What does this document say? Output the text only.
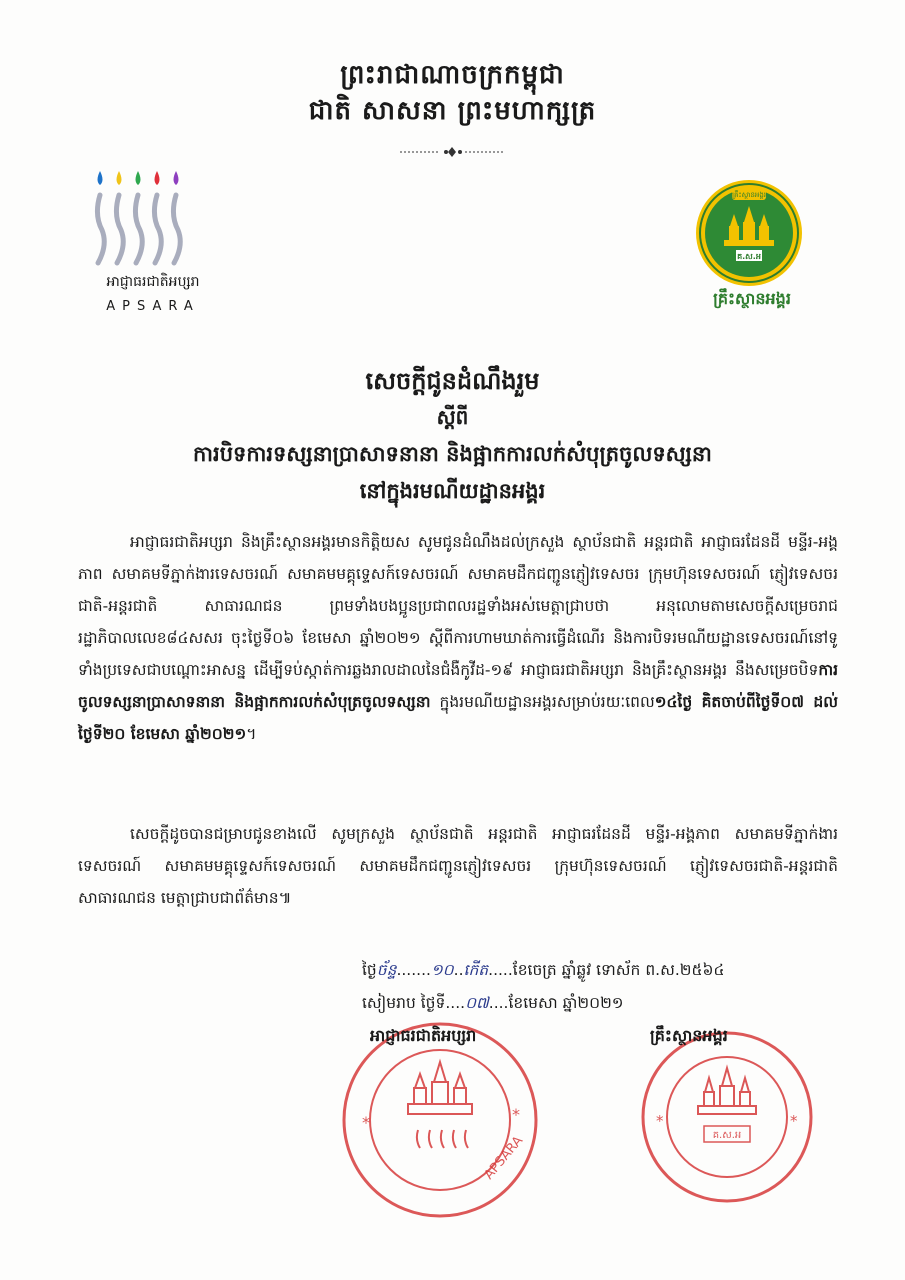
ព្រះរាជាណាចក្រកម្ពុជា
ជាតិ សាសនា ព្រះមហាក្សត្រ
អាជ្ញាធរជាតិអប្សរា
APSARA
គ្រឹះស្ថានអង្គរ
គ.ស.អ
គ្រឹះស្ថានអង្គរ
សេចក្តីជូនដំណឹងរួម
ស្តីពី
ការបិទការទស្សនាប្រាសាទនានា និងផ្អាកការលក់សំបុត្រចូលទស្សនា
នៅក្នុងរមណីយដ្ឋានអង្គរ
អាជ្ញាធរជាតិអប្សរា និងគ្រឹះស្ថានអង្គរមានកិត្តិយស សូមជូនដំណឹងដល់ក្រសួង ស្ថាប័នជាតិ អន្តរជាតិ អាជ្ញាធរដែនដី មន្ទីរ-អង្គភាព សមាគមទីភ្នាក់ងារទេសចរណ៍ សមាគមមគ្គុទ្ទេសក៍ទេសចរណ៍ សមាគមដឹកជញ្ជូនភ្ញៀវទេសចរ ក្រុមហ៊ុនទេសចរណ៍ ភ្ញៀវទេសចរជាតិ-អន្តរជាតិ សាធារណជន ព្រមទាំងបងប្អូនប្រជាពលរដ្ឋទាំងអស់មេត្តាជ្រាបថា អនុលោមតាមសេចក្តីសម្រេចរាជរដ្ឋាភិបាលលេខ៨៤សសរ ចុះថ្ងៃទី០៦ ខែមេសា ឆ្នាំ២០២១ ស្តីពីការហាមឃាត់ការធ្វើដំណើរ និងការបិទរមណីយដ្ឋានទេសចរណ៍នៅទូទាំងប្រទេសជាបណ្តោះអាសន្ន ដើម្បីទប់ស្កាត់ការឆ្លងរាលដាលនៃជំងឺកូវីដ-១៩ អាជ្ញាធរជាតិអប្សរា និងគ្រឹះស្ថានអង្គរ នឹងសម្រេចបិទការចូលទស្សនាប្រាសាទនានា និងផ្អាកការលក់សំបុត្រចូលទស្សនា ក្នុងរមណីយដ្ឋានអង្គរសម្រាប់រយៈពេល១៤ថ្ងៃ គិតចាប់ពីថ្ងៃទី០៧ ដល់ថ្ងៃទី២០ ខែមេសា ឆ្នាំ២០២១។
សេចក្តីដូចបានជម្រាបជូនខាងលើ សូមក្រសួង ស្ថាប័នជាតិ អន្តរជាតិ អាជ្ញាធរដែនដី មន្ទីរ-អង្គភាព សមាគមទីភ្នាក់ងារទេសចរណ៍ សមាគមមគ្គុទ្ទេសក៍ទេសចរណ៍ សមាគមដឹកជញ្ជូនភ្ញៀវទេសចរ ក្រុមហ៊ុនទេសចរណ៍ ភ្ញៀវទេសចរជាតិ-អន្តរជាតិ សាធារណជន មេត្តាជ្រាបជាព័ត៌មាន៕
ថ្ងៃច័ន្ទ.......១០..កើត.....ខែចេត្រ ឆ្នាំឆ្លូវ ទោស័ក ព.ស.២៥៦៤
សៀមរាប ថ្ងៃទី....០៧....ខែមេសា ឆ្នាំ២០២១
APSARA
*	*
គ.ស.អ
*	*
អាជ្ញាធរជាតិអប្សរា	គ្រឹះស្ថានអង្គរ
